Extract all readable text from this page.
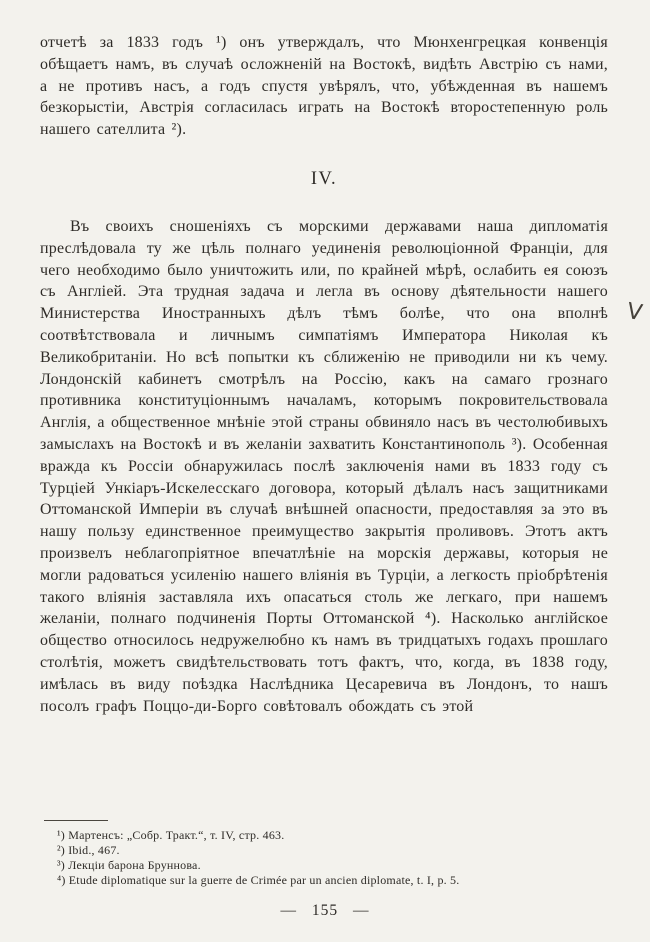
отчетѣ за 1833 годъ ¹) онъ утверждалъ, что Мюнхенгрецкая конвенція обѣщаетъ намъ, въ случаѣ осложненій на Востокѣ, видѣть Австрію съ нами, а не противъ насъ, а годъ спустя увѣрялъ, что, убѣжденная въ нашемъ безкорыстіи, Австрія согласилась играть на Востокѣ второстепенную роль нашего сателлита ²).

IV.

Въ своихъ сношеніяхъ съ морскими державами наша дипломатія преслѣдовала ту же цѣль полнаго уединенія революціонной Франціи, для чего необходимо было уничтожить или, по крайней мѣрѣ, ослабить ея союзъ съ Англіей. Эта трудная задача и легла въ основу дѣятельности нашего Министерства Иностранныхъ дѣлъ тѣмъ болѣе, что она вполнѣ соотвѣтствовала и личнымъ симпатіямъ Императора Николая къ Великобританіи. Но всѣ попытки къ сближенію не приводили ни къ чему. Лондонскій кабинетъ смотрѣлъ на Россію, какъ на самаго грознаго противника конституціоннымъ началамъ, которымъ покровительствовала Англія, а общественное мнѣніе этой страны обвиняло насъ въ честолюбивыхъ замыслахъ на Востокѣ и въ желаніи захватить Константинополь ³). Особенная вражда къ Россіи обнаружилась послѣ заключенія нами въ 1833 году съ Турціей Ункіаръ-Искелесскаго договора, который дѣлалъ насъ защитниками Оттоманской Имперіи въ случаѣ внѣшней опасности, предоставляя за это въ нашу пользу единственное преимущество закрытія проливовъ. Этотъ актъ произвелъ неблагопріятное впечатлѣніе на морскія державы, которыя не могли радоваться усиленію нашего вліянія въ Турціи, а легкость пріобрѣтенія такого вліянія заставляла ихъ опасаться столь же легкаго, при нашемъ желаніи, полнаго подчиненія Порты Оттоманской ⁴). Насколько англійское общество относилось недружелюбно къ намъ въ тридцатыхъ годахъ прошлаго столѣтія, можетъ свидѣтельствовать тотъ фактъ, что, когда, въ 1838 году, имѣлась въ виду поѣздка Наслѣдника Цесаревича въ Лондонъ, то нашъ посолъ графъ Поццо-ди-Борго совѣтовалъ обождать съ этой

V

¹) Мартенсъ: „Собр. Тракт.“, т. IV, стр. 463.

²) Ibid., 467.

³) Лекціи барона Бруннова.

⁴) Etude diplomatique sur la guerre de Crimée par un ancien diplomate, t. I, p. 5.

— 155 —
